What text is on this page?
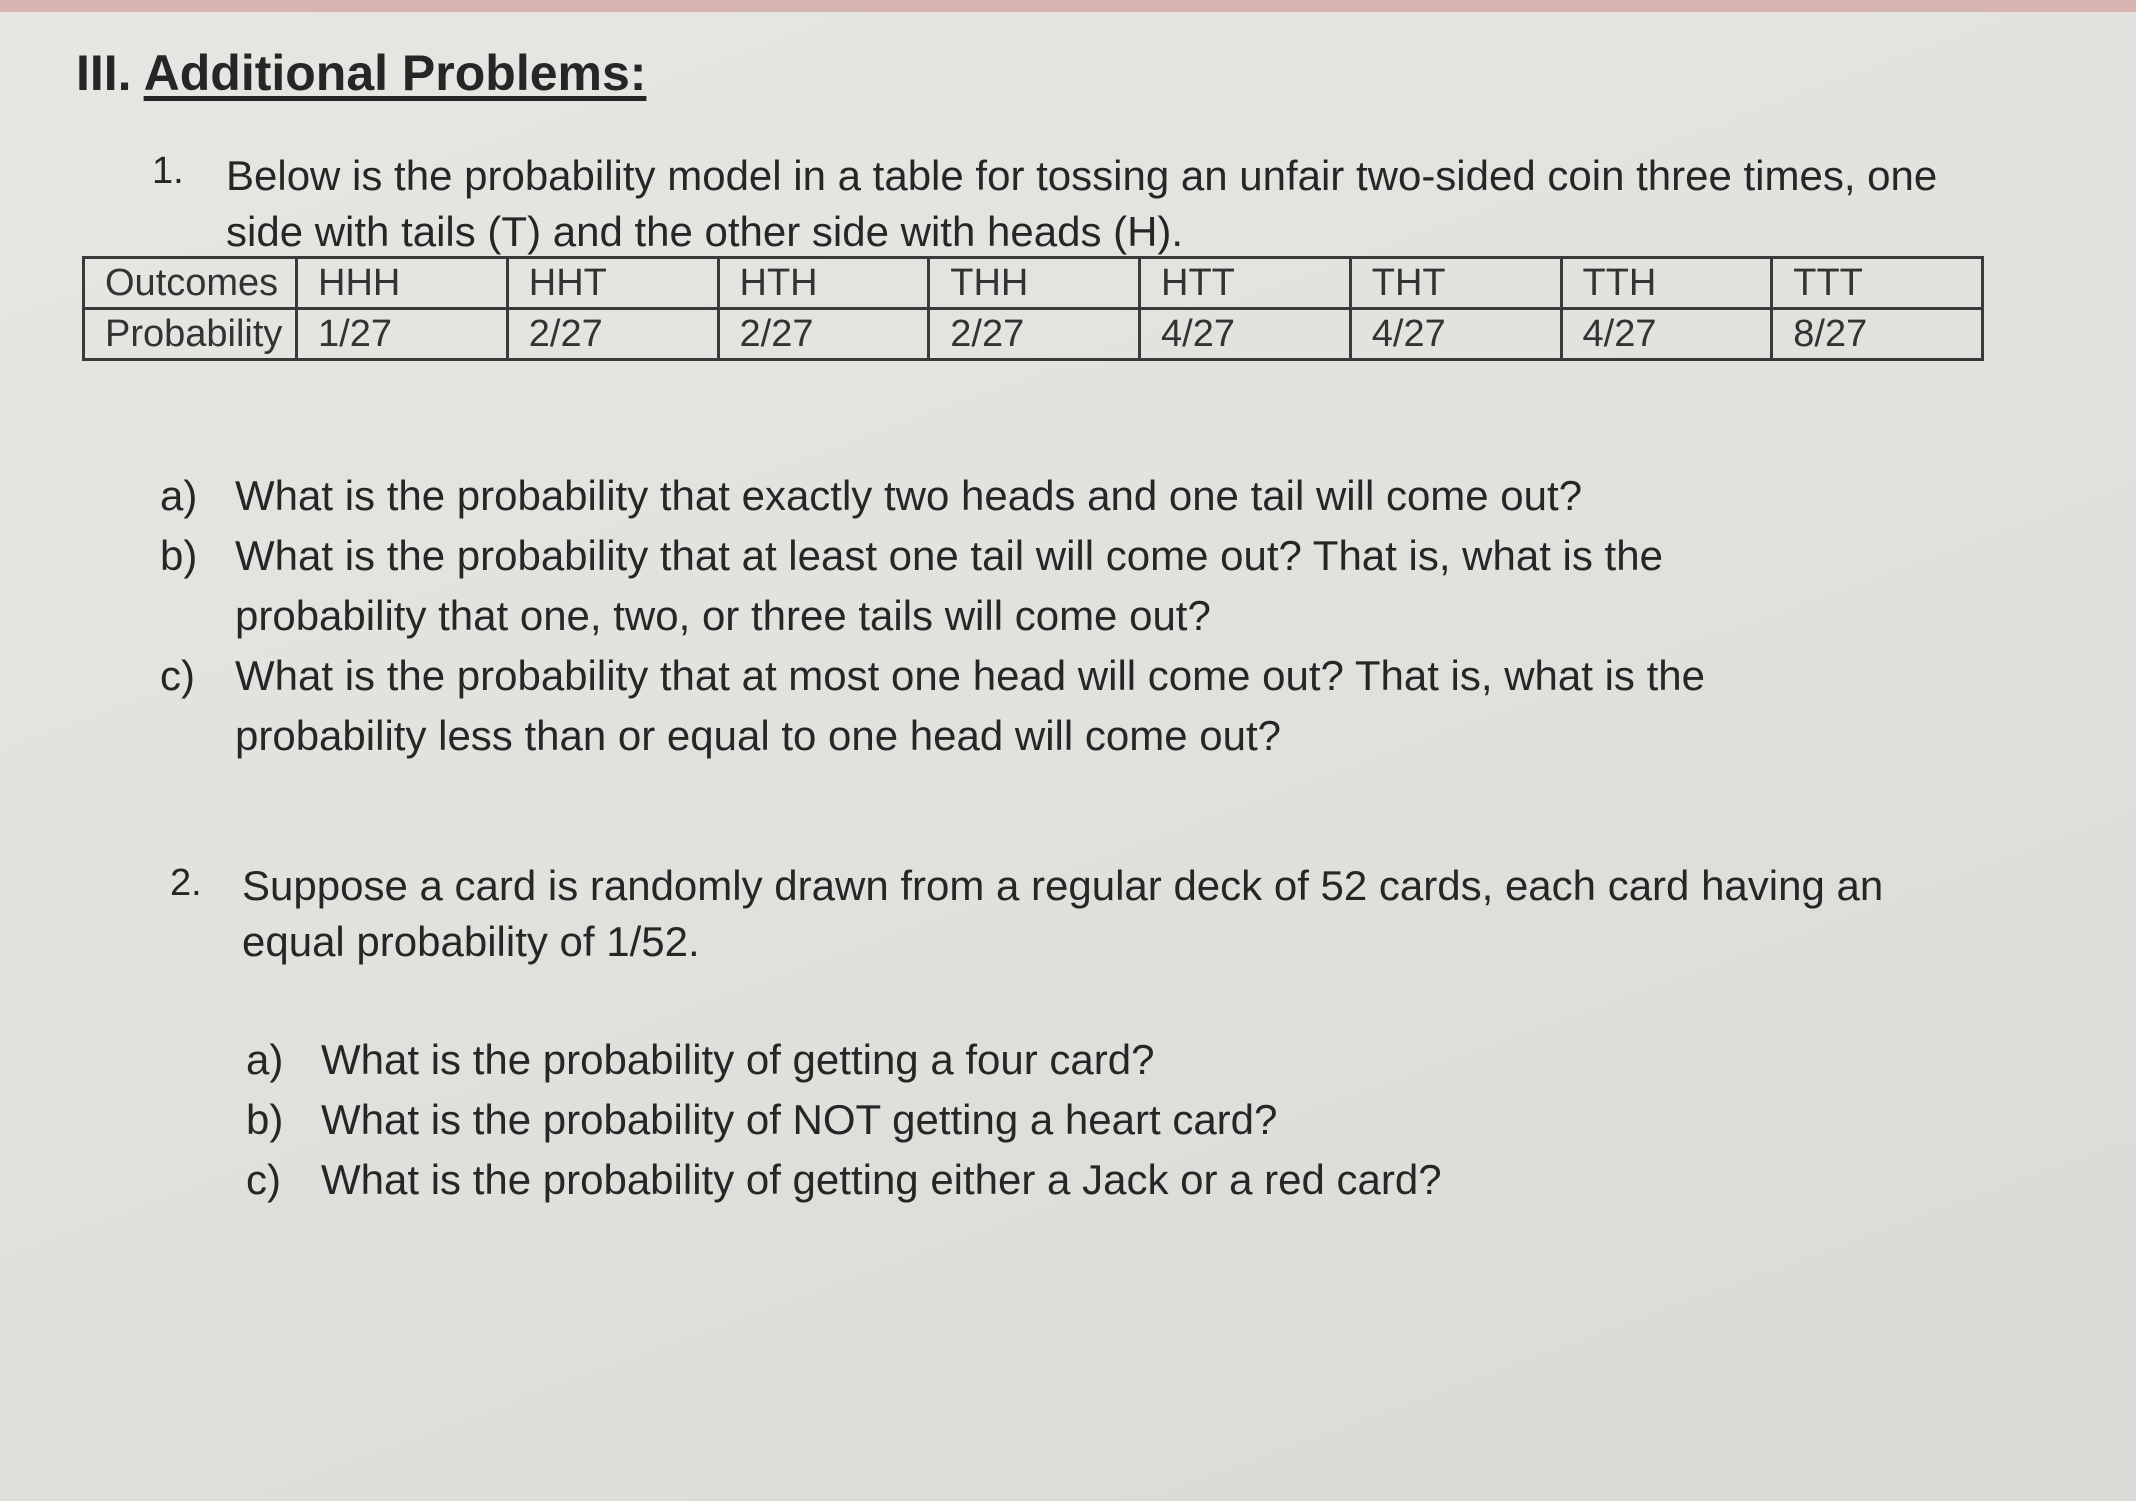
III. Additional Problems:
1. Below is the probability model in a table for tossing an unfair two-sided coin three times, one
side with tails (T) and the other side with heads (H).
Outcomes	HHH	HHT	HTH	THH	HTT	THT	TTH	TTT
Probability	1/27	2/27	2/27	2/27	4/27	4/27	4/27	8/27
a) What is the probability that exactly two heads and one tail will come out?
b) What is the probability that at least one tail will come out? That is, what is the
probability that one, two, or three tails will come out?
c) What is the probability that at most one head will come out? That is, what is the
probability less than or equal to one head will come out?
2. Suppose a card is randomly drawn from a regular deck of 52 cards, each card having an
equal probability of 1/52.
a) What is the probability of getting a four card?
b) What is the probability of NOT getting a heart card?
c) What is the probability of getting either a Jack or a red card?
